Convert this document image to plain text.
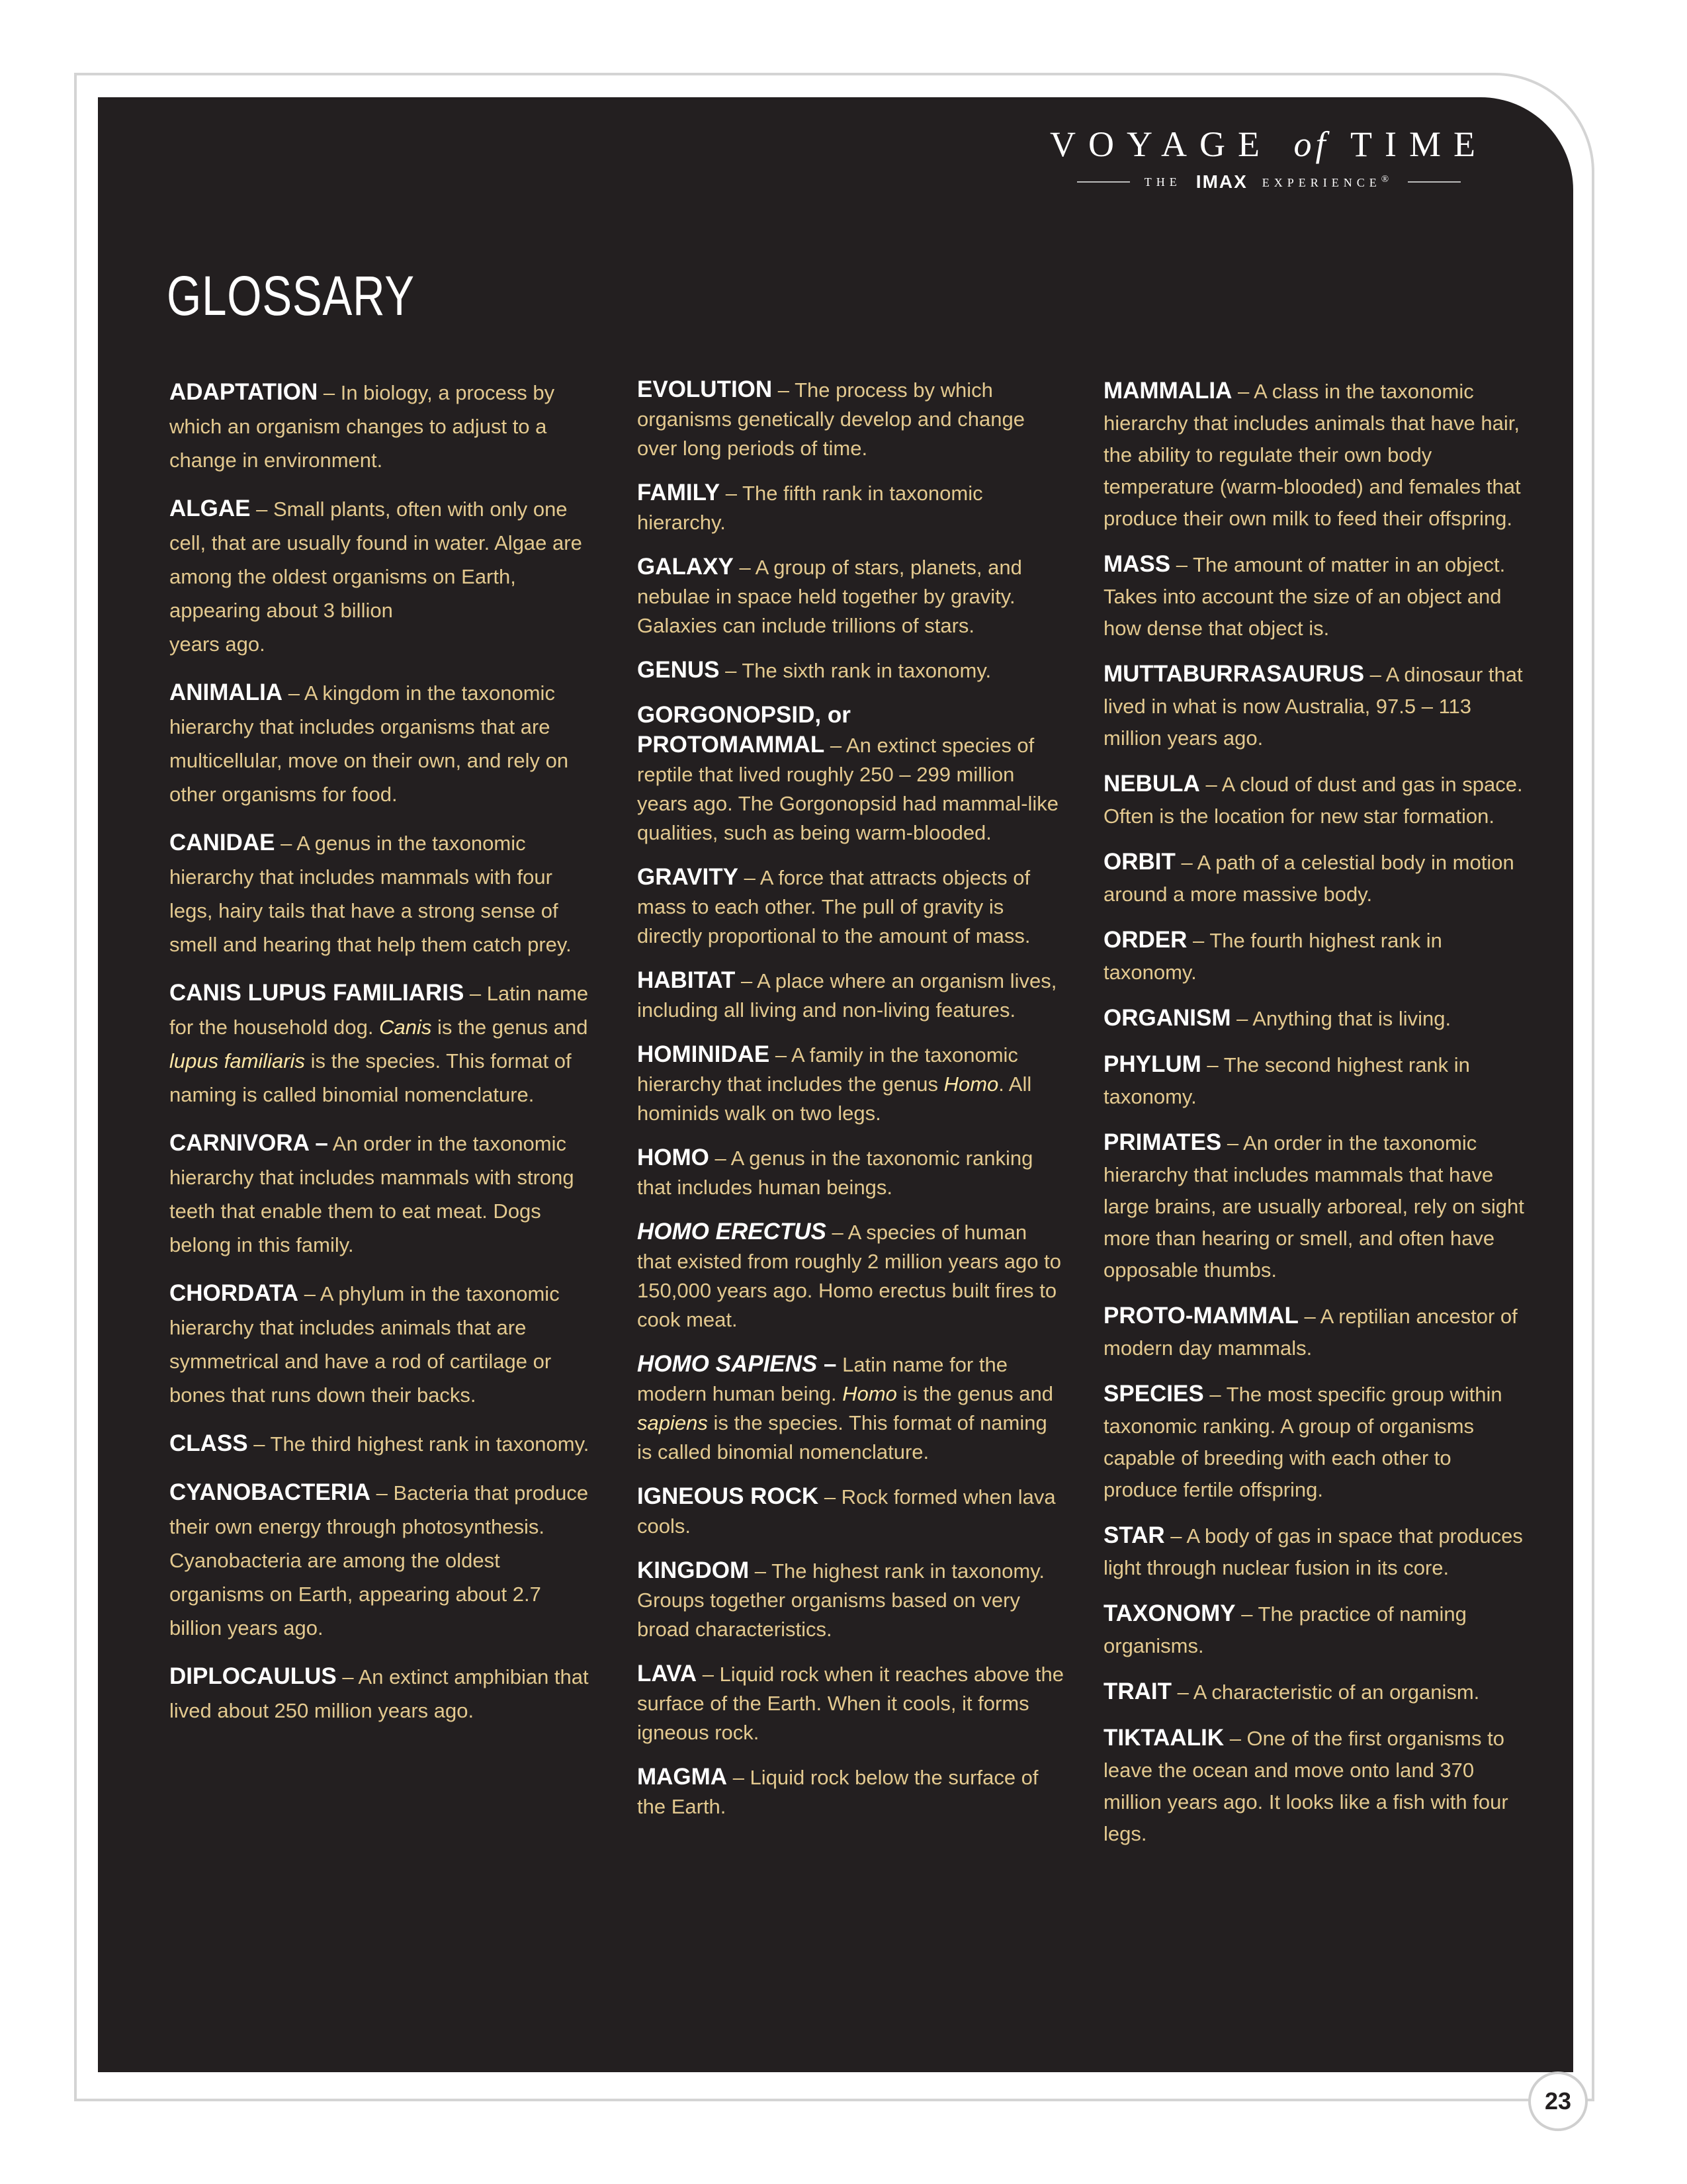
VOYAGE of TIME
THE IMAX EXPERIENCE®
GLOSSARY

ADAPTATION – In biology, a process by which an organism changes to adjust to a change in environment.

ALGAE – Small plants, often with only one cell, that are usually found in water. Algae are among the oldest organisms on Earth, appearing about 3 billion
years ago.

ANIMALIA – A kingdom in the taxonomic hierarchy that includes organisms that are multicellular, move on their own, and rely on other organisms for food.

CANIDAE – A genus in the taxonomic hierarchy that includes mammals with four legs, hairy tails that have a strong sense of smell and hearing that help them catch prey.

CANIS LUPUS FAMILIARIS – Latin name for the household dog. Canis is the genus and lupus familiaris is the species. This format of naming is called binomial nomenclature.

CARNIVORA – An order in the taxonomic hierarchy that includes mammals with strong teeth that enable them to eat meat. Dogs belong in this family.

CHORDATA – A phylum in the taxonomic hierarchy that includes animals that are symmetrical and have a rod of cartilage or bones that runs down their backs.

CLASS – The third highest rank in taxonomy.

CYANOBACTERIA – Bacteria that produce their own energy through photosynthesis. Cyanobacteria are among the oldest organisms on Earth, appearing about 2.7 billion years ago.

DIPLOCAULUS – An extinct amphibian that lived about 250 million years ago.

EVOLUTION – The process by which organisms genetically develop and change over long periods of time.

FAMILY – The fifth rank in taxonomic hierarchy.

GALAXY – A group of stars, planets, and nebulae in space held together by gravity. Galaxies can include trillions of stars.

GENUS – The sixth rank in taxonomy.

GORGONOPSID, or
PROTOMAMMAL – An extinct species of reptile that lived roughly 250 – 299 million years ago. The Gorgonopsid had mammal-like qualities, such as being warm-blooded.

GRAVITY – A force that attracts objects of mass to each other. The pull of gravity is directly proportional to the amount of mass.

HABITAT – A place where an organism lives, including all living and non-living features.

HOMINIDAE – A family in the taxonomic hierarchy that includes the genus Homo. All hominids walk on two legs.

HOMO – A genus in the taxonomic ranking that includes human beings.

HOMO ERECTUS – A species of human that existed from roughly 2 million years ago to 150,000 years ago. Homo erectus built fires to cook meat.

HOMO SAPIENS – Latin name for the modern human being. Homo is the genus and sapiens is the species. This format of naming is called binomial nomenclature.

IGNEOUS ROCK – Rock formed when lava cools.

KINGDOM – The highest rank in taxonomy. Groups together organisms based on very broad characteristics.

LAVA – Liquid rock when it reaches above the surface of the Earth. When it cools, it forms igneous rock.

MAGMA – Liquid rock below the surface of the Earth.

MAMMALIA – A class in the taxonomic hierarchy that includes animals that have hair, the ability to regulate their own body temperature (warm-blooded) and females that produce their own milk to feed their offspring.

MASS – The amount of matter in an object. Takes into account the size of an object and how dense that object is.

MUTTABURRASAURUS – A dinosaur that lived in what is now Australia, 97.5 – 113 million years ago.

NEBULA – A cloud of dust and gas in space. Often is the location for new star formation.

ORBIT – A path of a celestial body in motion around a more massive body.

ORDER – The fourth highest rank in taxonomy.

ORGANISM – Anything that is living.

PHYLUM – The second highest rank in taxonomy.

PRIMATES – An order in the taxonomic hierarchy that includes mammals that have large brains, are usually arboreal, rely on sight more than hearing or smell, and often have opposable thumbs.

PROTO-MAMMAL – A reptilian ancestor of modern day mammals.

SPECIES – The most specific group within taxonomic ranking. A group of organisms capable of breeding with each other to produce fertile offspring.

STAR – A body of gas in space that produces light through nuclear fusion in its core.

TAXONOMY – The practice of naming organisms.

TRAIT – A characteristic of an organism.

TIKTAALIK – One of the first organisms to leave the ocean and move onto land 370 million years ago. It looks like a fish with four legs.

23
